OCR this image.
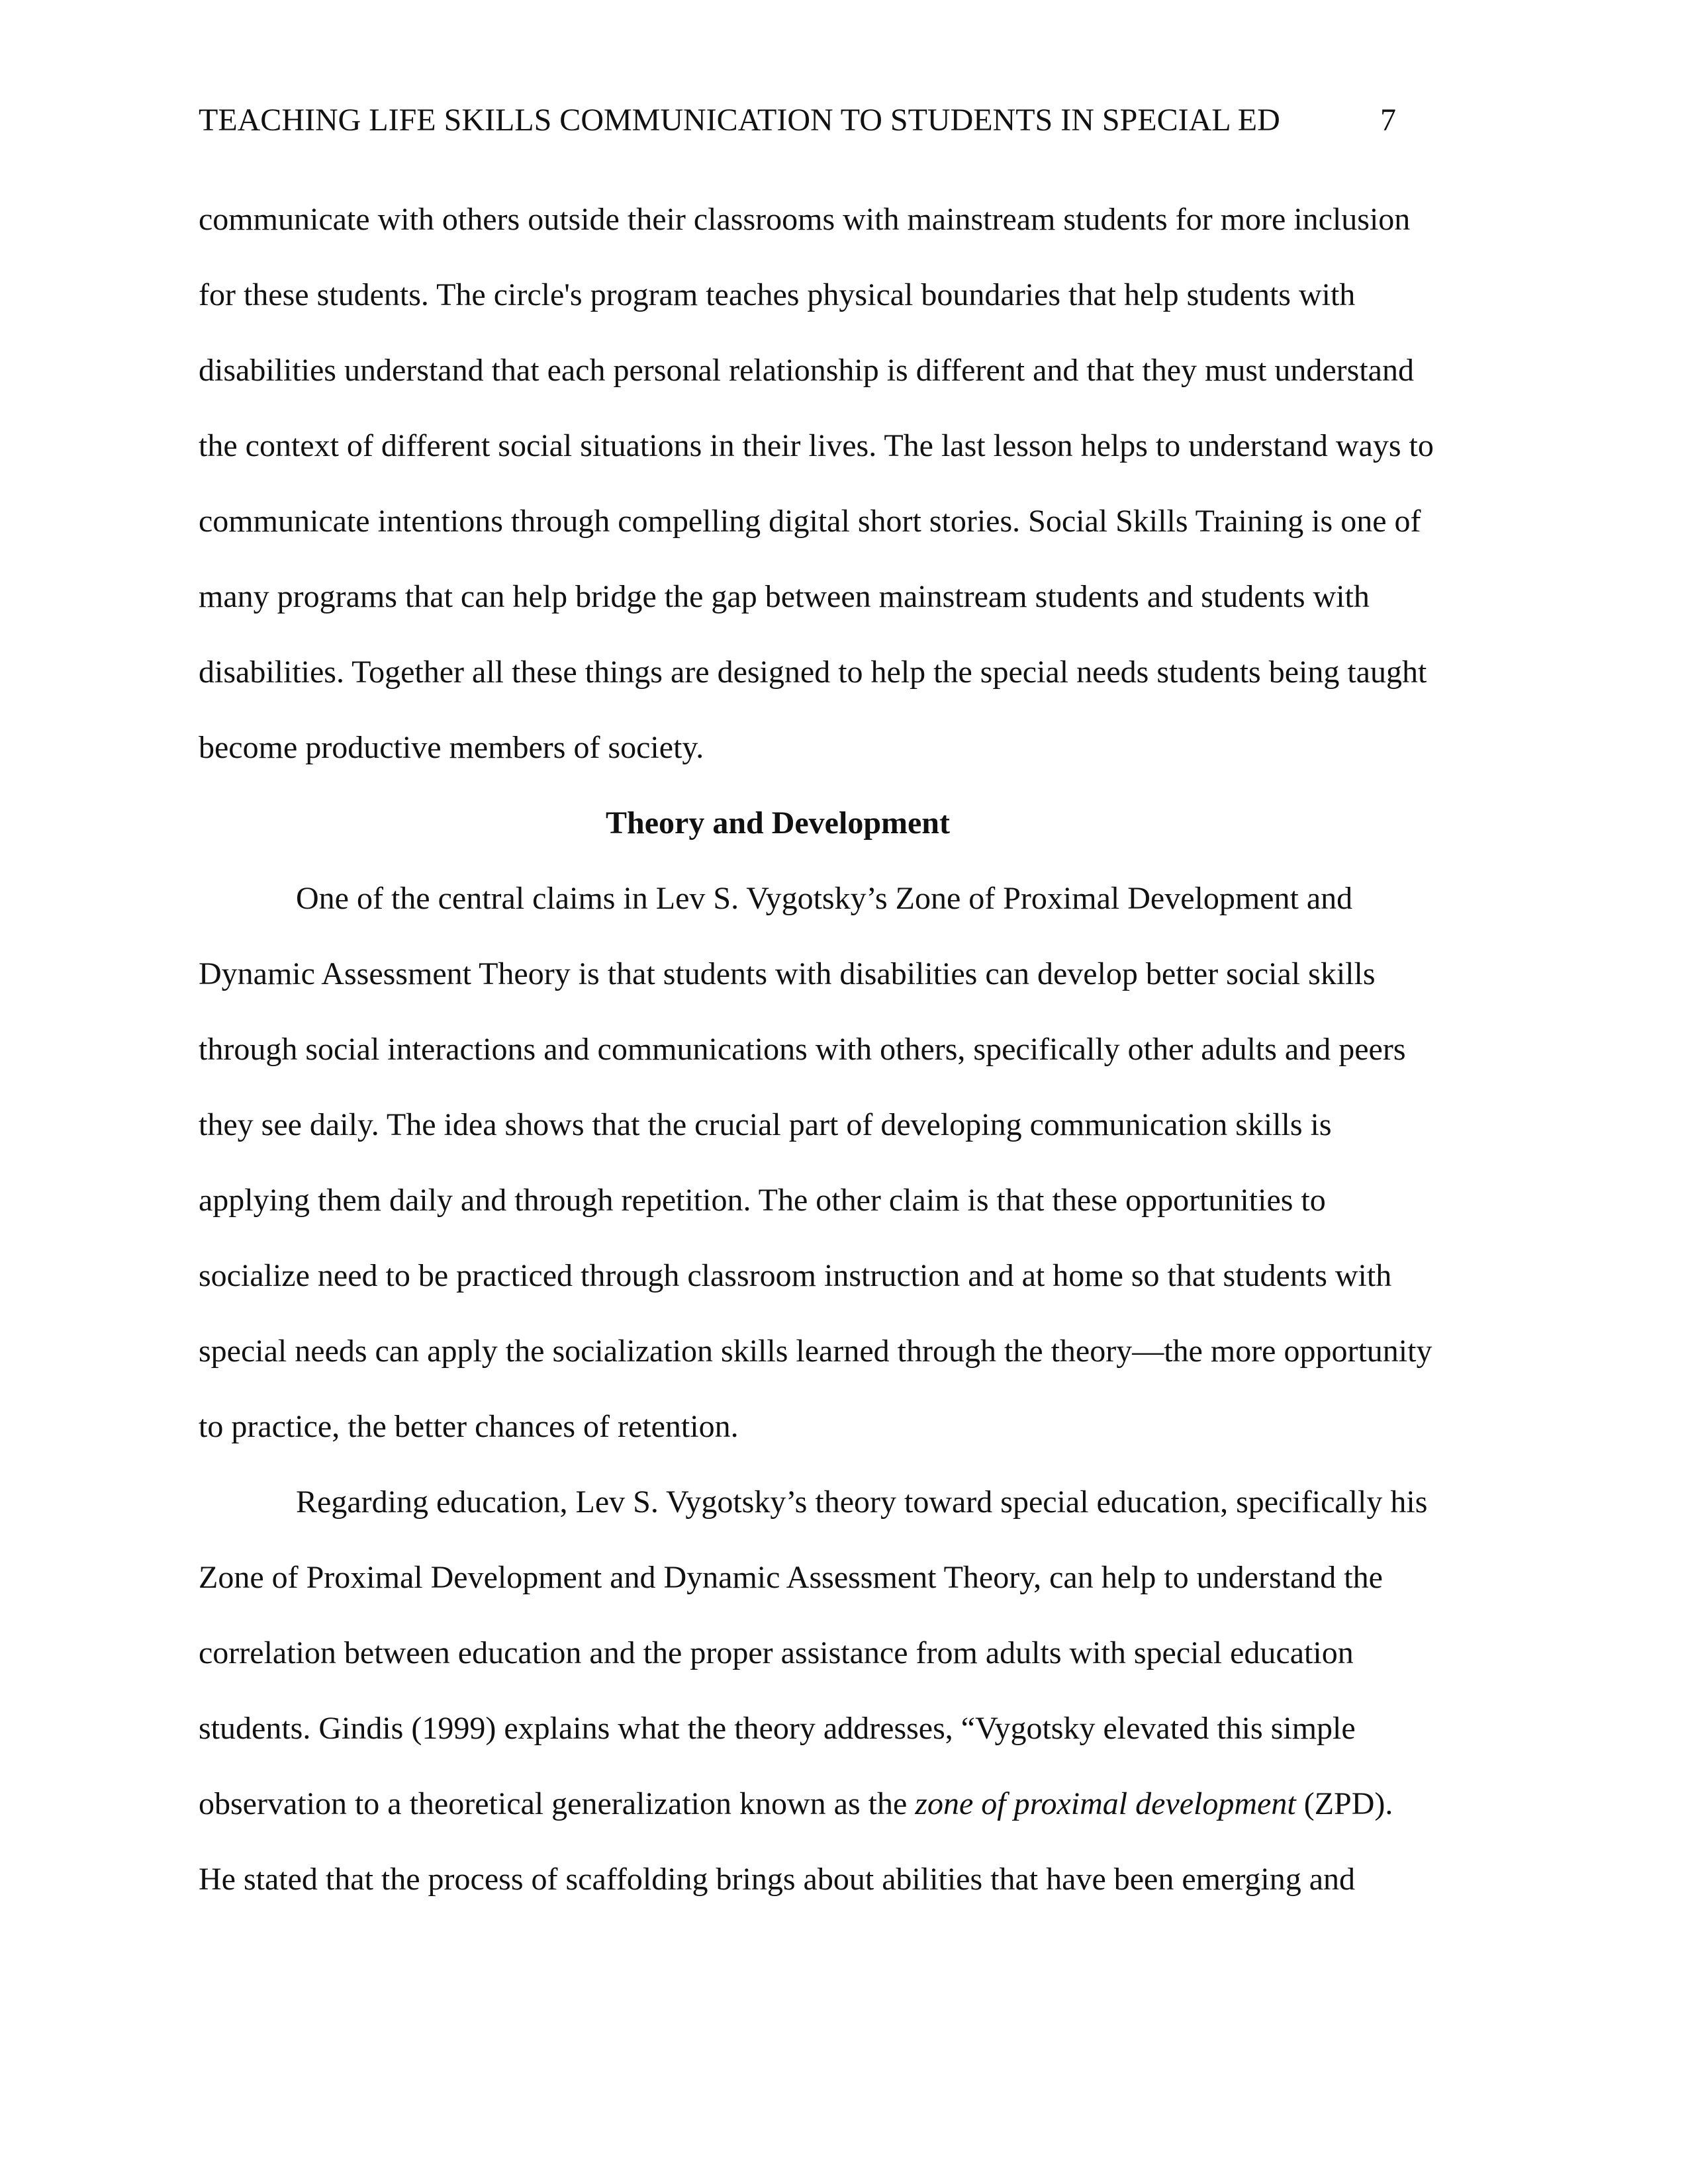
TEACHING LIFE SKILLS COMMUNICATION TO STUDENTS IN SPECIAL ED	7
communicate with others outside their classrooms with mainstream students for more inclusion
for these students. The circle's program teaches physical boundaries that help students with
disabilities understand that each personal relationship is different and that they must understand
the context of different social situations in their lives. The last lesson helps to understand ways to
communicate intentions through compelling digital short stories. Social Skills Training is one of
many programs that can help bridge the gap between mainstream students and students with
disabilities. Together all these things are designed to help the special needs students being taught
become productive members of society.
Theory and Development
One of the central claims in Lev S. Vygotsky’s Zone of Proximal Development and
Dynamic Assessment Theory is that students with disabilities can develop better social skills
through social interactions and communications with others, specifically other adults and peers
they see daily. The idea shows that the crucial part of developing communication skills is
applying them daily and through repetition. The other claim is that these opportunities to
socialize need to be practiced through classroom instruction and at home so that students with
special needs can apply the socialization skills learned through the theory—the more opportunity
to practice, the better chances of retention.
Regarding education, Lev S. Vygotsky’s theory toward special education, specifically his
Zone of Proximal Development and Dynamic Assessment Theory, can help to understand the
correlation between education and the proper assistance from adults with special education
students. Gindis (1999) explains what the theory addresses, “Vygotsky elevated this simple
observation to a theoretical generalization known as the zone of proximal development (ZPD).
He stated that the process of scaffolding brings about abilities that have been emerging and
